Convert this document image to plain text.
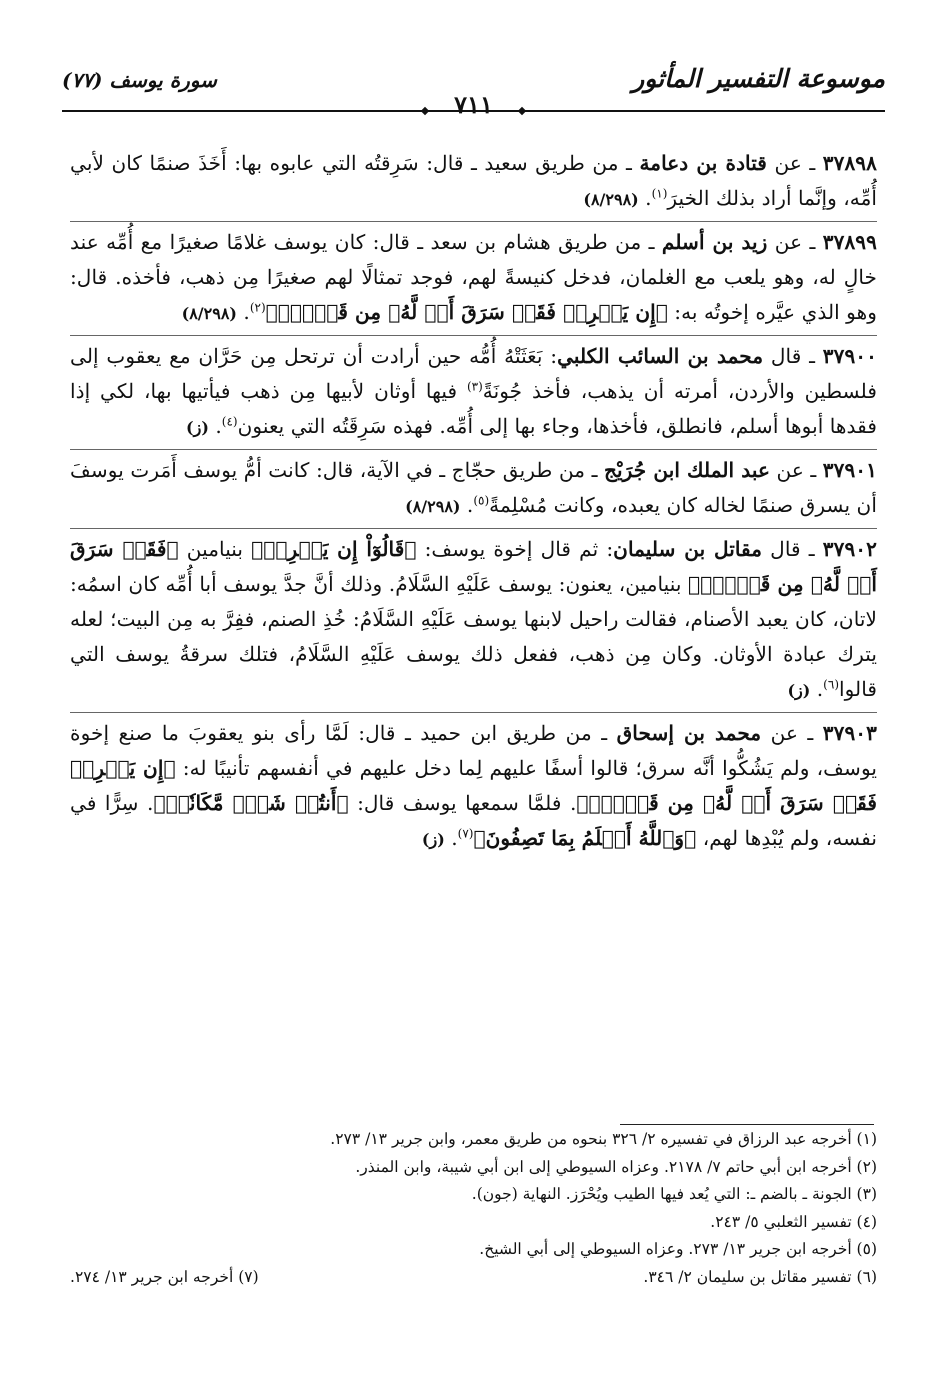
موسوعة التفسير المأثور
٧١١
سورة يوسف (٧٧)

٣٧٨٩٨ ـ عن قتادة بن دعامة ـ من طريق سعيد ـ قال: سَرِقتُه التي عابوه بها: أَخَذَ صنمًا كان لأبي أُمِّه، وإنَّما أراد بذلك الخيرَ$^{(١)}$. (٨/٢٩٨)

٣٧٨٩٩ ـ عن زيد بن أسلم ـ من طريق هشام بن سعد ـ قال: كان يوسف غلامًا صغيرًا مع أُمِّه عند خالٍ له، وهو يلعب مع الغلمان، فدخل كنيسةً لهم، فوجد تمثالًا لهم صغيرًا مِن ذهب، فأخذه. قال: وهو الذي عيَّره إخوتُه به: ﴿إِن يَسۡرِقۡ فَقَدۡ سَرَقَ أَخٞ لَّهُۥ مِن قَبۡلُۚ﴾$^{(٢)}$. (٨/٢٩٨)

٣٧٩٠٠ ـ قال محمد بن السائب الكلبي: بَعَثَتْهُ أُمُّه حين أرادت أن ترتحل مِن حَرَّان مع يعقوب إلى فلسطين والأردن، أمرته أن يذهب، فأخذ جُونَةً$^{(٣)}$ فيها أوثان لأبيها مِن ذهب فيأتيها بها، لكي إذا فقدها أبوها أسلم، فانطلق، فأخذها، وجاء بها إلى أُمِّه. فهذه سَرِقَتُه التي يعنون$^{(٤)}$. (ز)

٣٧٩٠١ ـ عن عبد الملك ابن جُرَيْج ـ من طريق حجّاج ـ في الآية، قال: كانت أمُّ يوسف أَمَرت يوسفَ أن يسرق صنمًا لخاله كان يعبده، وكانت مُسْلِمةً$^{(٥)}$. (٨/٢٩٨)

٣٧٩٠٢ ـ قال مقاتل بن سليمان: ثم قال إخوة يوسف: ﴿قَالُوٓاْ إِن يَسۡرِقۡ﴾ بنيامين ﴿فَقَدۡ سَرَقَ أَخٞ لَّهُۥ مِن قَبۡلُۚ﴾ بنيامين، يعنون: يوسف عَلَيْهِ السَّلَامُ. وذلك أنَّ جدَّ يوسف أبا أُمِّه كان اسمُه: لاتان، كان يعبد الأصنام، فقالت راحيل لابنها يوسف عَلَيْهِ السَّلَامُ: خُذِ الصنم، ففِرَّ به مِن البيت؛ لعله يترك عبادة الأوثان. وكان مِن ذهب، ففعل ذلك يوسف عَلَيْهِ السَّلَامُ، فتلك سرقةُ يوسف التي قالوا$^{(٦)}$. (ز)

٣٧٩٠٣ ـ عن محمد بن إسحاق ـ من طريق ابن حميد ـ قال: لَمَّا رأى بنو يعقوبَ ما صنع إخوة يوسف، ولم يَشُكُّوا أنَّه سرق؛ قالوا أسفًا عليهم لِما دخل عليهم في أنفسهم تأنيبًا له: ﴿إِن يَسۡرِقۡ فَقَدۡ سَرَقَ أَخٞ لَّهُۥ مِن قَبۡلُۚ﴾. فلمَّا سمعها يوسف قال: ﴿أَنتُمۡ شَرّٞ مَّكَانٗاۖ﴾. سِرًّا في نفسه، ولم يُبْدِها لهم، ﴿وَٱللَّهُ أَعۡلَمُ بِمَا تَصِفُونَ﴾$^{(٧)}$. (ز)

(١) أخرجه عبد الرزاق في تفسيره ٢/ ٣٢٦ بنحوه من طريق معمر، وابن جرير ١٣/ ٢٧٣.

(٢) أخرجه ابن أبي حاتم ٧/ ٢١٧٨. وعزاه السيوطي إلى ابن أبي شيبة، وابن المنذر.

(٣) الجونة ـ بالضم ـ: التي يُعد فيها الطيب ويُحْرَز. النهاية (جون).

(٤) تفسير الثعلبي ٥/ ٢٤٣.

(٥) أخرجه ابن جرير ١٣/ ٢٧٣. وعزاه السيوطي إلى أبي الشيخ.

(٦) تفسير مقاتل بن سليمان ٢/ ٣٤٦.
(٧) أخرجه ابن جرير ١٣/ ٢٧٤.
